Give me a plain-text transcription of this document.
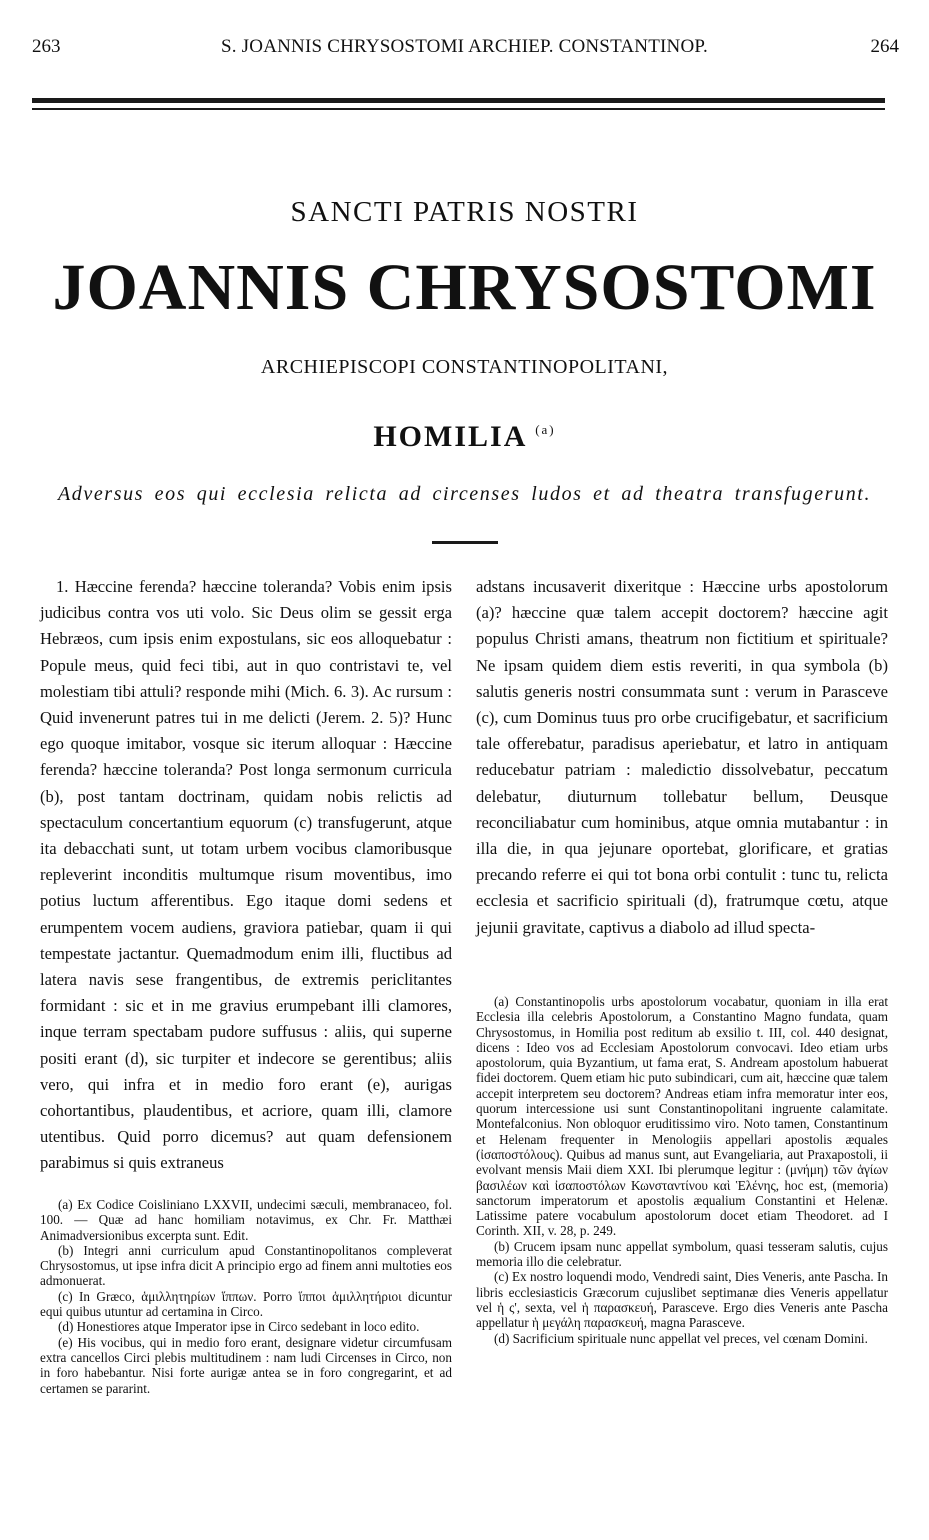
263	S. JOANNIS CHRYSOSTOMI ARCHIEP. CONSTANTINOP.	264
SANCTI PATRIS NOSTRI
JOANNIS CHRYSOSTOMI
ARCHIEPISCOPI CONSTANTINOPOLITANI,
HOMILIA $^{(a)}$
Adversus eos qui ecclesia relicta ad circenses ludos et ad theatra transfugerunt.

1. Hæccine ferenda? hæccine toleranda? Vobis enim ipsis judicibus contra vos uti volo. Sic Deus olim se gessit erga Hebræos, cum ipsis enim expostulans, sic eos alloquebatur : Popule meus, quid feci tibi, aut in quo contristavi te, vel molestiam tibi attuli? responde mihi (Mich. 6. 3). Ac rursum : Quid invenerunt patres tui in me delicti (Jerem. 2. 5)? Hunc ego quoque imitabor, vosque sic iterum alloquar : Hæccine ferenda? hæccine toleranda? Post longa sermonum curricula (b), post tantam doctrinam, quidam nobis relictis ad spectaculum concertantium equorum (c) transfugerunt, atque ita debacchati sunt, ut totam urbem vocibus clamoribusque repleverint inconditis multumque risum moventibus, imo potius luctum afferentibus. Ego itaque domi sedens et erumpentem vocem audiens, graviora patiebar, quam ii qui tempestate jactantur. Quemadmodum enim illi, fluctibus ad latera navis sese frangentibus, de extremis periclitantes formidant : sic et in me gravius erumpebant illi clamores, inque terram spectabam pudore suffusus : aliis, qui superne positi erant (d), sic turpiter et indecore se gerentibus; aliis vero, qui infra et in medio foro erant (e), aurigas cohortantibus, plaudentibus, et acriore, quam illi, clamore utentibus. Quid porro dicemus? aut quam defensionem parabimus si quis extraneus

adstans incusaverit dixeritque : Hæccine urbs apostolorum (a)? hæccine quæ talem accepit doctorem? hæccine agit populus Christi amans, theatrum non fictitium et spirituale? Ne ipsam quidem diem estis reveriti, in qua symbola (b) salutis generis nostri consummata sunt : verum in Parasceve (c), cum Dominus tuus pro orbe crucifigebatur, et sacrificium tale offerebatur, paradisus aperiebatur, et latro in antiquam reducebatur patriam : maledictio dissolvebatur, peccatum delebatur, diuturnum tollebatur bellum, Deusque reconciliabatur cum hominibus, atque omnia mutabantur : in illa die, in qua jejunare oportebat, glorificare, et gratias precando referre ei qui tot bona orbi contulit : tunc tu, relicta ecclesia et sacrificio spirituali (d), fratrumque cœtu, atque jejunii gravitate, captivus a diabolo ad illud specta-

(a) Ex Codice Coisliniano LXXVII, undecimi sæculi, membranaceo, fol. 100. — Quæ ad hanc homiliam notavimus, ex Chr. Fr. Matthæi Animadversionibus excerpta sunt. Edit.

(b) Integri anni curriculum apud Constantinopolitanos compleverat Chrysostomus, ut ipse infra dicit A principio ergo ad finem anni multoties eos admonuerat.

(c) In Græco, ἁμιλλητηρίων ἵππων. Porro ἵπποι ἁμιλλητήριοι dicuntur equi quibus utuntur ad certamina in Circo.

(d) Honestiores atque Imperator ipse in Circo sedebant in loco edito.

(e) His vocibus, qui in medio foro erant, designare videtur circumfusam extra cancellos Circi plebis multitudinem : nam ludi Circenses in Circo, non in foro habebantur. Nisi forte aurigæ antea se in foro congregarint, et ad certamen se pararint.

(a) Constantinopolis urbs apostolorum vocabatur, quoniam in illa erat Ecclesia illa celebris Apostolorum, a Constantino Magno fundata, quam Chrysostomus, in Homilia post reditum ab exsilio t. III, col. 440 designat, dicens : Ideo vos ad Ecclesiam Apostolorum convocavi. Ideo etiam urbs apostolorum, quia Byzantium, ut fama erat, S. Andream apostolum habuerat fidei doctorem. Quem etiam hic puto subindicari, cum ait, hæccine quæ talem accepit interpretem seu doctorem? Andreas etiam infra memoratur inter eos, quorum intercessione usi sunt Constantinopolitani ingruente calamitate. Montefalconius. Non obloquor eruditissimo viro. Noto tamen, Constantinum et Helenam frequenter in Menologiis appellari apostolis æquales (ἰσαποστόλους). Quibus ad manus sunt, aut Evangeliaria, aut Praxapostoli, ii evolvant mensis Maii diem XXI. Ibi plerumque legitur : (μνήμη) τῶν ἁγίων βασιλέων καὶ ἰσαποστόλων Κωνσταντίνου καὶ Ἑλένης, hoc est, (memoria) sanctorum imperatorum et apostolis æqualium Constantini et Helenæ. Latissime patere vocabulum apostolorum docet etiam Theodoret. ad I Corinth. XII, v. 28, p. 249.

(b) Crucem ipsam nunc appellat symbolum, quasi tesseram salutis, cujus memoria illo die celebratur.

(c) Ex nostro loquendi modo, Vendredi saint, Dies Veneris, ante Pascha. In libris ecclesiasticis Græcorum cujuslibet septimanæ dies Veneris appellatur vel ἡ ς', sexta, vel ἡ παρασκευή, Parasceve. Ergo dies Veneris ante Pascha appellatur ἡ μεγάλη παρασκευή, magna Parasceve.

(d) Sacrificium spirituale nunc appellat vel preces, vel cœnam Domini.
